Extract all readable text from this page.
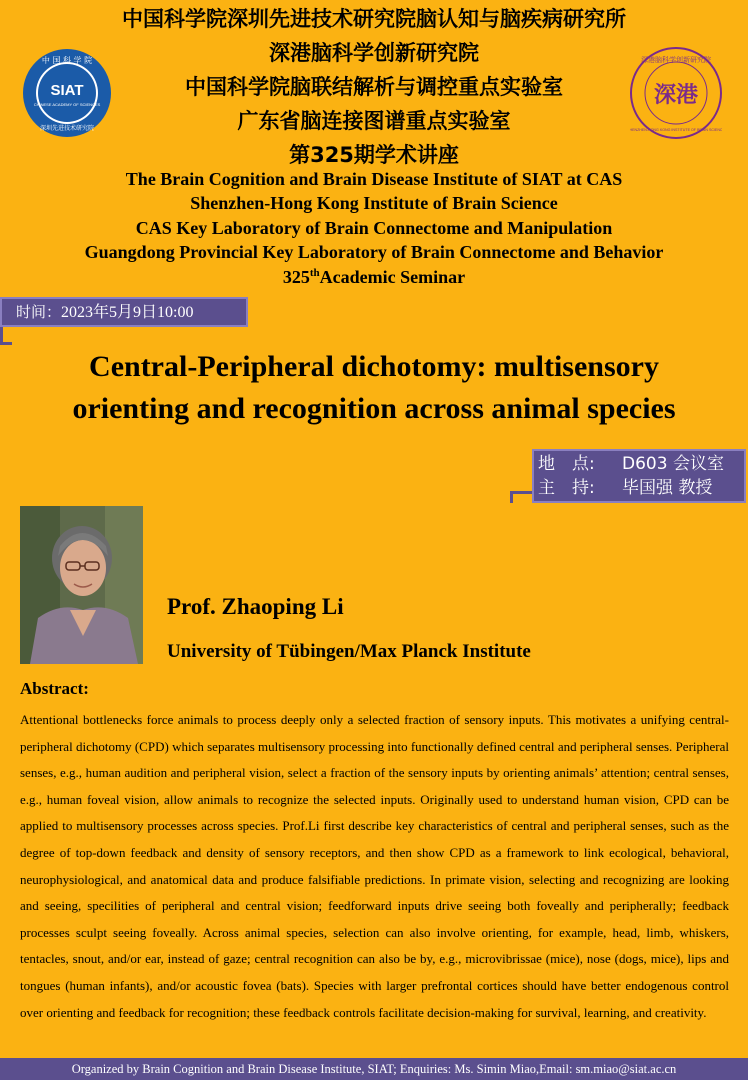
中国科学院深圳先进技术研究院脑认知与脑疾病研究所
深港脑科学创新研究院
中国科学院脑联结解析与调控重点实验室
广东省脑连接图谱重点实验室
第325期学术讲座
The Brain Cognition and Brain Disease Institute of SIAT at CAS
Shenzhen-Hong Kong Institute of Brain Science
CAS Key Laboratory of Brain Connectome and Manipulation
Guangdong Provincial Key Laboratory of Brain Connectome and Behavior
325thAcademic Seminar
中 国 科 学 院
SIAT
CHINESE ACADEMY OF SCIENCES
深圳先进技术研究院
深港脑科学创新研究院
SHENZHEN-HONG KONG INSTITUTE OF BRAIN SCIENCE
深港
时间：2023年5月9日10:00
Central-Peripheral dichotomy: multisensory
orienting and recognition across animal species
地　点:	D603 会议室
主　持:	毕国强 教授
Prof. Zhaoping Li
University of Tübingen/Max Planck Institute
Abstract:
Attentional bottlenecks force animals to process deeply only a selected fraction of sensory inputs. This motivates a unifying central-peripheral dichotomy (CPD) which separates multisensory processing into functionally defined central and peripheral senses. Peripheral senses, e.g., human audition and peripheral vision, select a fraction of the sensory inputs by orienting animals’ attention; central senses, e.g., human foveal vision, allow animals to recognize the selected inputs. Originally used to understand human vision, CPD can be applied to multisensory processes across species. Prof.Li first describe key characteristics of central and peripheral senses, such as the degree of top-down feedback and density of sensory receptors, and then show CPD as a framework to link ecological, behavioral, neurophysiological, and anatomical data and produce falsifiable predictions. In primate vision, selecting and recognizing are looking and seeing, specilities of peripheral and central vision; feedforward inputs drive seeing both foveally and peripherally; feedback processes sculpt seeing foveally. Across animal species, selection can also involve orienting, for example, head, limb, whiskers, tentacles, snout, and/or ear, instead of gaze; central recognition can also be by, e.g., microvibrissae (mice), nose (dogs, mice), lips and tongues (human infants), and/or acoustic fovea (bats). Species with larger prefrontal cortices should have better endogenous control over orienting and feedback for recognition; these feedback controls facilitate decision-making for survival, learning, and creativity.
Organized by Brain Cognition and Brain Disease Institute, SIAT; Enquiries: Ms. Simin Miao,Email: sm.miao@siat.ac.cn
